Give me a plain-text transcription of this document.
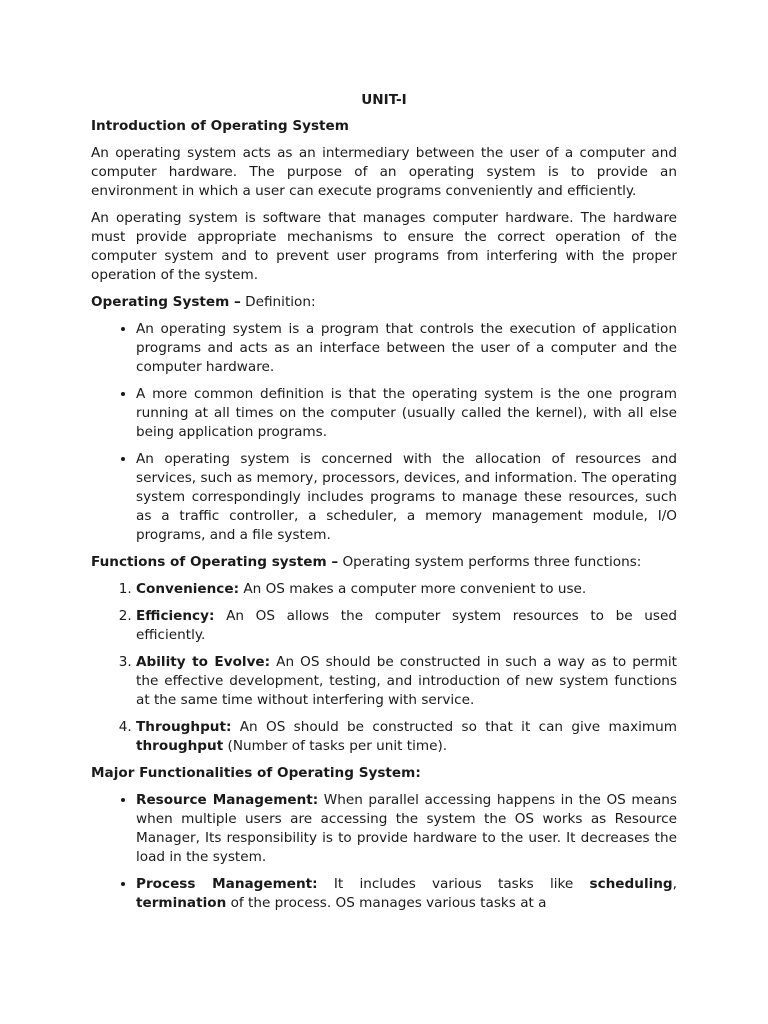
UNIT-I
Introduction of Operating System

An operating system acts as an intermediary between the user of a computer and computer hardware. The purpose of an operating system is to provide an environment in which a user can execute programs conveniently and efficiently.

An operating system is software that manages computer hardware. The hardware must provide appropriate mechanisms to ensure the correct operation of the computer system and to prevent user programs from interfering with the proper operation of the system.

Operating System – Definition:
• An operating system is a program that controls the execution of application programs and acts as an interface between the user of a computer and the computer hardware.
• A more common definition is that the operating system is the one program running at all times on the computer (usually called the kernel), with all else being application programs.
• An operating system is concerned with the allocation of resources and services, such as memory, processors, devices, and information. The operating system correspondingly includes programs to manage these resources, such as a traffic controller, a scheduler, a memory management module, I/O programs, and a file system.
Functions of Operating system – Operating system performs three functions:
1. Convenience: An OS makes a computer more convenient to use.
2. Efficiency: An OS allows the computer system resources to be used efficiently.
3. Ability to Evolve: An OS should be constructed in such a way as to permit the effective development, testing, and introduction of new system functions at the same time without interfering with service.
4. Throughput: An OS should be constructed so that it can give maximum throughput (Number of tasks per unit time).
Major Functionalities of Operating System:
• Resource Management: When parallel accessing happens in the OS means when multiple users are accessing the system the OS works as Resource Manager, Its responsibility is to provide hardware to the user. It decreases the load in the system.
• Process Management: It includes various tasks like scheduling, termination of the process. OS manages various tasks at a
